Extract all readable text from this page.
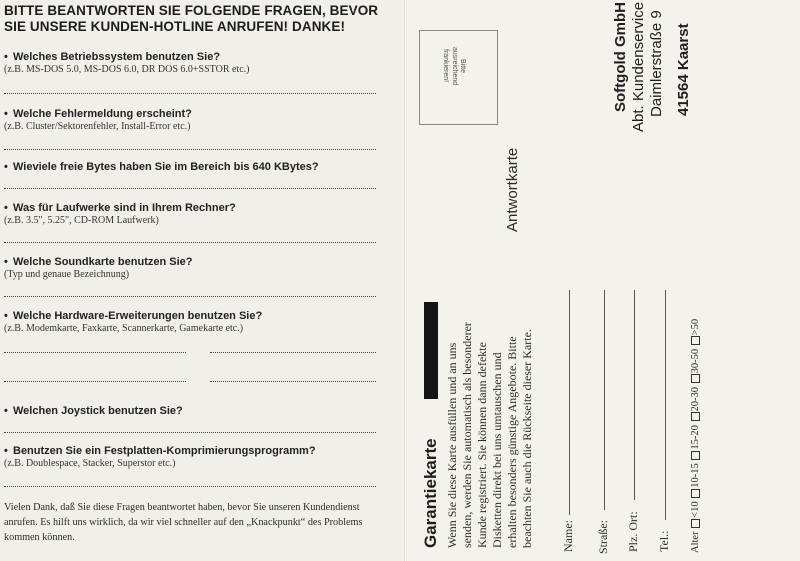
BITTE BEANTWORTEN SIE FOLGENDE FRAGEN, BEVOR SIE UNSERE KUNDEN-HOTLINE ANRUFEN! DANKE!
• Welches Betriebssystem benutzen Sie?
(z.B. MS-DOS 5.0, MS-DOS 6.0, DR DOS 6.0+SSTOR etc.)
• Welche Fehlermeldung erscheint?
(z.B. Cluster/Sektorenfehler, Install-Error etc.)
• Wieviele freie Bytes haben Sie im Bereich bis 640 KBytes?
• Was für Laufwerke sind in Ihrem Rechner?
(z.B. 3.5", 5.25", CD-ROM Laufwerk)
• Welche Soundkarte benutzen Sie?
(Typ und genaue Bezeichnung)
• Welche Hardware-Erweiterungen benutzen Sie?
(z.B. Modemkarte, Faxkarte, Scannerkarte, Gamekarte etc.)
• Welchen Joystick benutzen Sie?
• Benutzen Sie ein Festplatten-Komprimierungsprogramm?
(z.B. Doublespace, Stacker, Superstor etc.)
Vielen Dank, daß Sie diese Fragen beantwortet haben, bevor Sie unseren Kundendienst anrufen. Es hilft uns wirklich, da wir viel schneller auf den „Knackpunkt“ des Problems kommen können.
Bitte
ausreichend
frankieren!	Softgold GmbH Abt. Kundenservice Daimlerstraße 9 41564 Kaarst
Antwortkarte
Garantiekarte Wenn Sie diese Karte ausfüllen und an uns senden, werden Sie automatisch als besonderer Kunde registriert. Sie können dann defekte Disketten direkt bei uns umtauschen und erhalten besonders günstige Angebote. Bitte beachten Sie auch die Rückseite dieser Karte. Name: Straße: Plz. Ort: Tel.: Alter <10 10-15 15-20 20-30 30-50 >50
